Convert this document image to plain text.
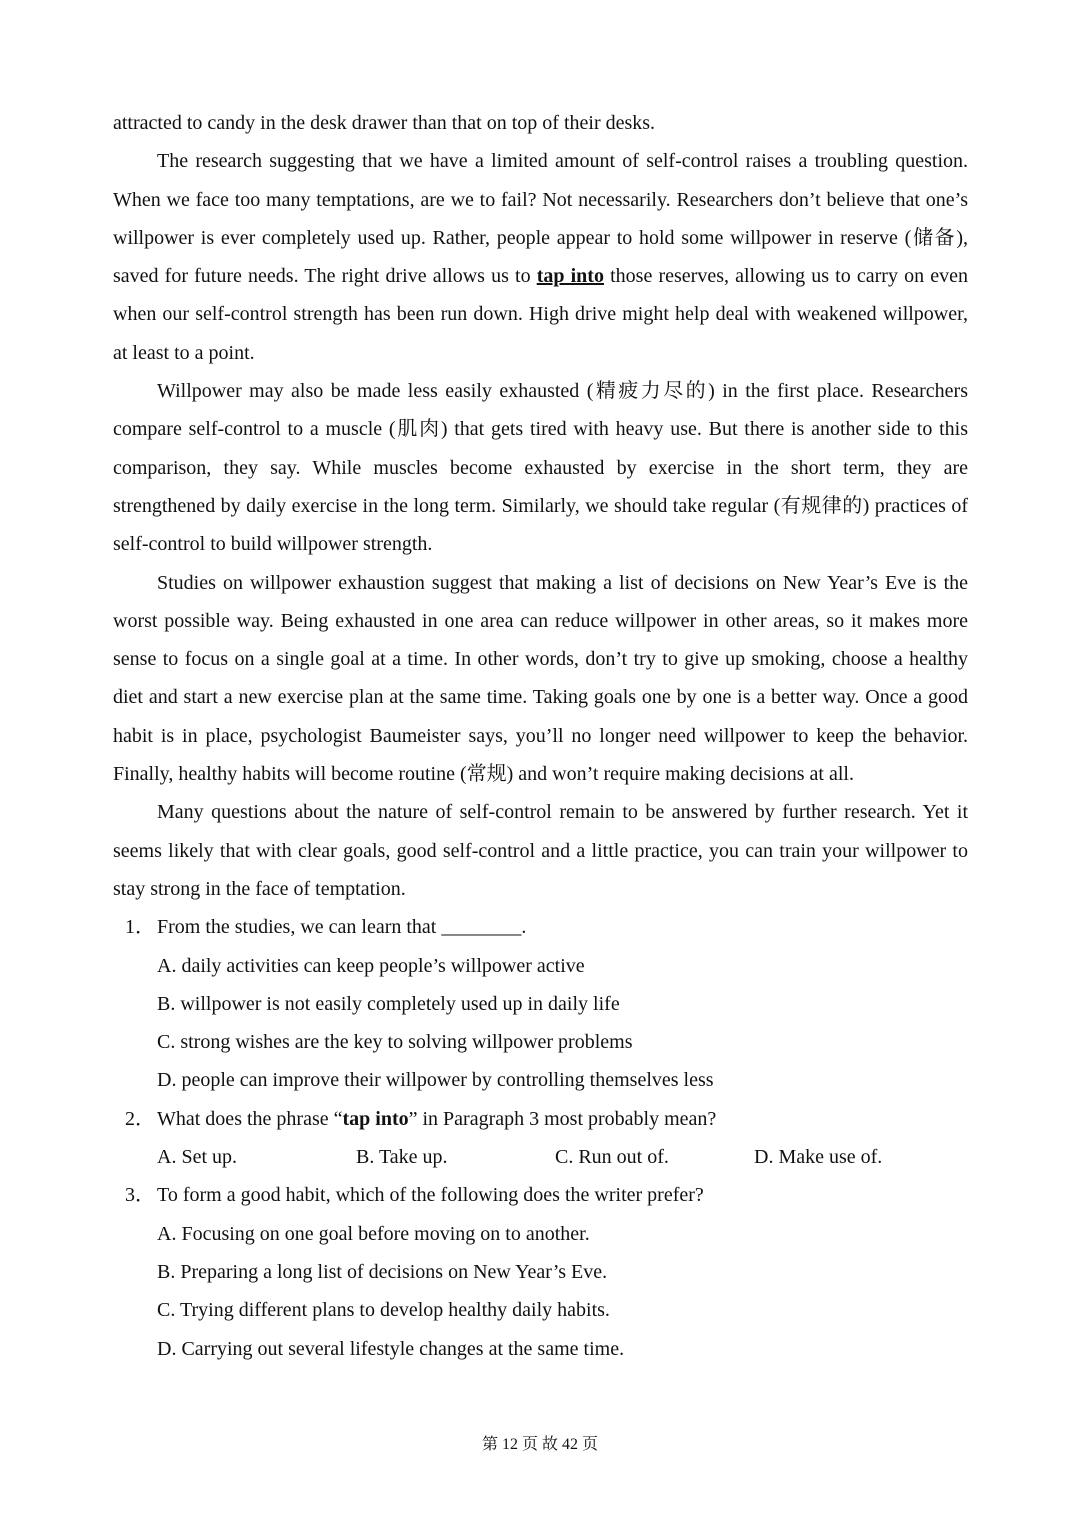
attracted to candy in the desk drawer than that on top of their desks.

The research suggesting that we have a limited amount of self-control raises a troubling question. When we face too many temptations, are we to fail? Not necessarily. Researchers don’t believe that one’s willpower is ever completely used up. Rather, people appear to hold some willpower in reserve (储备), saved for future needs. The right drive allows us to tap into those reserves, allowing us to carry on even when our self-control strength has been run down. High drive might help deal with weakened willpower, at least to a point.

Willpower may also be made less easily exhausted (精疲力尽的) in the first place. Researchers compare self-control to a muscle (肌肉) that gets tired with heavy use. But there is another side to this comparison, they say. While muscles become exhausted by exercise in the short term, they are strengthened by daily exercise in the long term. Similarly, we should take regular (有规律的) practices of self-control to build willpower strength.

Studies on willpower exhaustion suggest that making a list of decisions on New Year’s Eve is the worst possible way. Being exhausted in one area can reduce willpower in other areas, so it makes more sense to focus on a single goal at a time. In other words, don’t try to give up smoking, choose a healthy diet and start a new exercise plan at the same time. Taking goals one by one is a better way. Once a good habit is in place, psychologist Baumeister says, you’ll no longer need willpower to keep the behavior. Finally, healthy habits will become routine (常规) and won’t require making decisions at all.

Many questions about the nature of self-control remain to be answered by further research. Yet it seems likely that with clear goals, good self-control and a little practice, you can train your willpower to stay strong in the face of temptation.

1． From the studies, we can learn that ________.
A. daily activities can keep people’s willpower active
B. willpower is not easily completely used up in daily life
C. strong wishes are the key to solving willpower problems
D. people can improve their willpower by controlling themselves less
2． What does the phrase “tap into” in Paragraph 3 most probably mean?
A. Set up.	B. Take up.	C. Run out of.	D. Make use of.
3． To form a good habit, which of the following does the writer prefer?
A. Focusing on one goal before moving on to another.
B. Preparing a long list of decisions on New Year’s Eve.
C. Trying different plans to develop healthy daily habits.
D. Carrying out several lifestyle changes at the same time.
第 12 页 故 42 页
